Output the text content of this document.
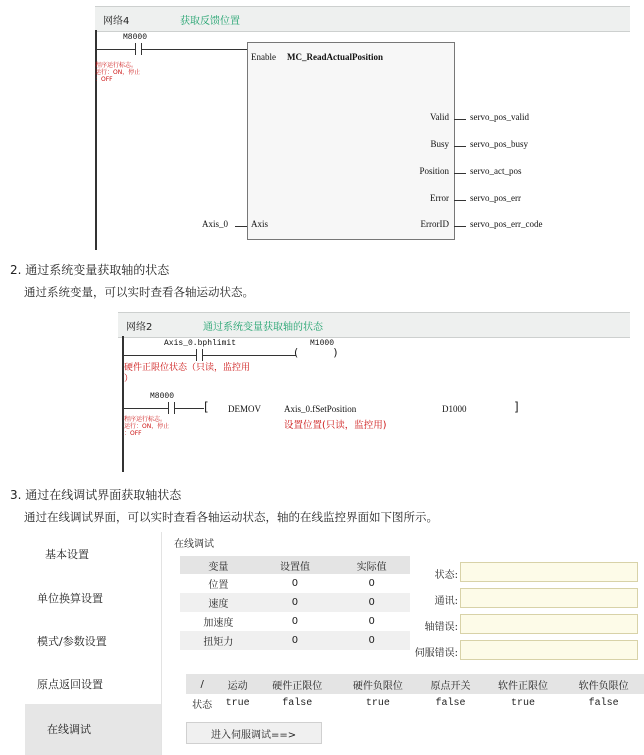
网络4	获取反馈位置
M8000
程序运行标志。
运行：ON，停止
：OFF
Enable MC_ReadActualPosition
Valid servo_pos_valid
Busy servo_pos_busy
Position servo_act_pos
Error servo_pos_err
ErrorID servo_pos_err_code
Axis_0	Axis
2. 通过系统变量获取轴的状态
通过系统变量，可以实时查看各轴运动状态。
网络2	通过系统变量获取轴的状态
Axis_0.bphlimit	M1000
(          )
硬件正限位状态（只读，监控用
）
M8000
程序运行标志。
运行：ON，停止
：OFF
[ DEMOV	Axis_0.fSetPosition
设置位置(只读，监控用)
D1000	]
3. 通过在线调试界面获取轴状态
通过在线调试界面，可以实时查看各轴运动状态，轴的在线监控界面如下图所示。
基本设置
单位换算设置
模式/参数设置
原点返回设置
在线调试
在线调试
变量	设置值	实际值
位置	0	0
速度	0	0
加速度	0	0
扭矩力	0	0
状态:
通讯:
轴错误:
伺服错误:
/	运动	硬件正限位	硬件负限位	原点开关	软件正限位	软件负限位
状态	true	false	true	false	true	false
进入伺服调试==>
